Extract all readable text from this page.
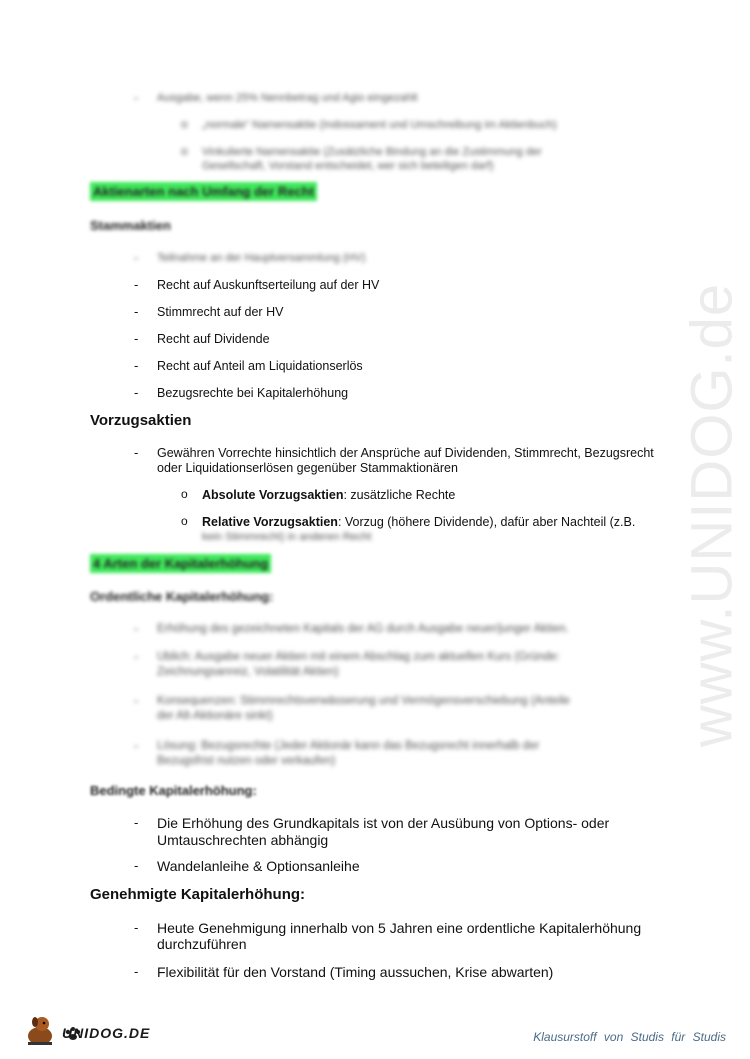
www.UNIDOG.de
- Ausgabe, wenn 25% Nennbetrag und Agio eingezahlt
o „normale“ Namensaktie (Indossament und Umschreibung im Aktienbuch)
o Vinkulierte Namensaktie (Zusätzliche Bindung an die Zustimmung der
Gesellschaft, Vorstand entscheidet, wer sich beteiligen darf)
Aktienarten nach Umfang der Recht
Stammaktien
- Teilnahme an der Hauptversammlung (HV)
- Recht auf Auskunftserteilung auf der HV
- Stimmrecht auf der HV
- Recht auf Dividende
- Recht auf Anteil am Liquidationserlös
- Bezugsrechte bei Kapitalerhöhung
Vorzugsaktien
- Gewähren Vorrechte hinsichtlich der Ansprüche auf Dividenden, Stimmrecht, Bezugsrecht
oder Liquidationserlösen gegenüber Stammaktionären
o Absolute Vorzugsaktien: zusätzliche Rechte
o Relative Vorzugsaktien: Vorzug (höhere Dividende), dafür aber Nachteil (z.B.
kein Stimmrecht) in anderen Recht
4 Arten der Kapitalerhöhung
Ordentliche Kapitalerhöhung:
- Erhöhung des gezeichneten Kapitals der AG durch Ausgabe neuer/junger Aktien.
- Üblich: Ausgabe neuer Aktien mit einem Abschlag zum aktuellen Kurs (Gründe:
Zeichnungsanreiz, Volatilität Aktien)
- Konsequenzen: Stimmrechtsverwässerung und Vermögensverschiebung (Anteile
der Alt-Aktionäre sinkt)
- Lösung: Bezugsrechte (Jeder Aktionär kann das Bezugsrecht innerhalb der
Bezugsfrist nutzen oder verkaufen)
Bedingte Kapitalerhöhung:
- Die Erhöhung des Grundkapitals ist von der Ausübung von Options- oder
Umtauschrechten abhängig
- Wandelanleihe & Optionsanleihe
Genehmigte Kapitalerhöhung:
- Heute Genehmigung innerhalb von 5 Jahren eine ordentliche Kapitalerhöhung
durchzuführen
- Flexibilität für den Vorstand (Timing aussuchen, Krise abwarten)
UNIDOG.DE	Klausurstoff von Studis für Studis
